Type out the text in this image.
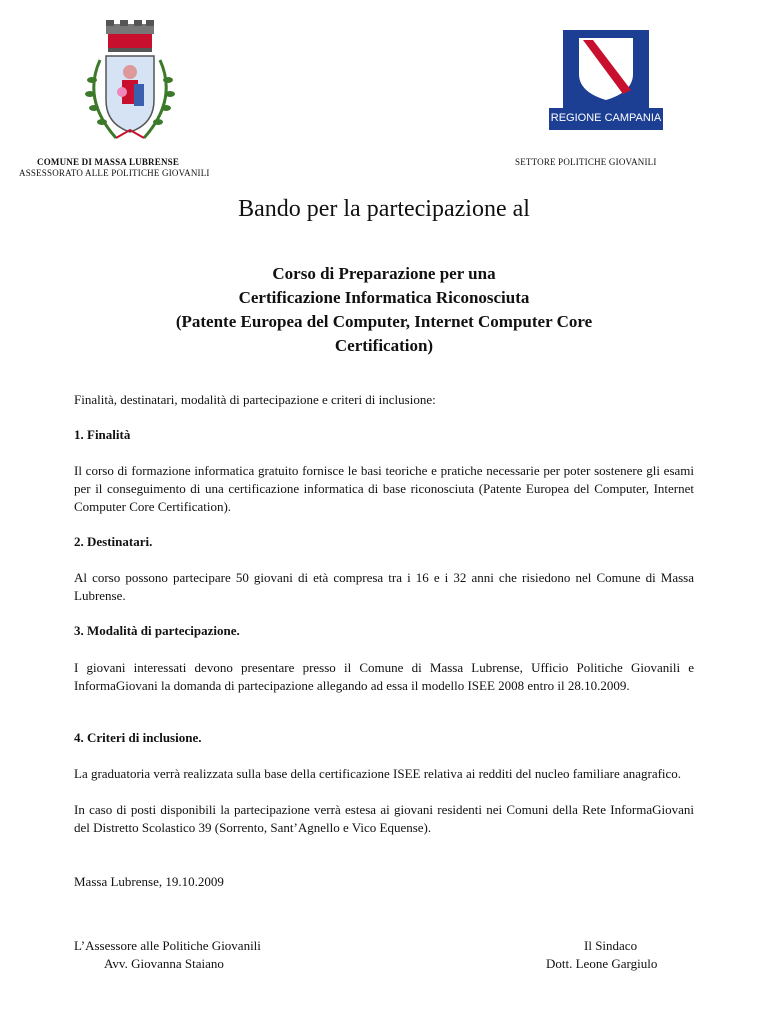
COMUNE DI MASSA LUBRENSE
ASSESSORATO ALLE POLITICHE GIOVANILI
REGIONE CAMPANIA
SETTORE POLITICHE GIOVANILI
Bando per la partecipazione al
Corso di Preparazione per una
Certificazione Informatica Riconosciuta
(Patente Europea del Computer, Internet Computer Core
Certification)
Finalità, destinatari, modalità di partecipazione e criteri di inclusione:
1. Finalità
Il corso di formazione informatica gratuito fornisce le basi teoriche e pratiche necessarie per poter sostenere gli esami per il conseguimento di una certificazione informatica di base riconosciuta (Patente Europea del Computer, Internet Computer Core Certification).
2. Destinatari.
Al corso possono partecipare 50 giovani di età compresa tra i 16 e i 32 anni che risiedono nel Comune di Massa Lubrense.
3. Modalità di partecipazione.
I giovani interessati devono presentare presso il Comune di Massa Lubrense, Ufficio Politiche Giovanili e InformaGiovani la domanda di partecipazione allegando ad essa il modello ISEE 2008 entro il 28.10.2009.
4. Criteri di inclusione.
La graduatoria verrà realizzata sulla base della certificazione ISEE relativa ai redditi del nucleo familiare anagrafico.
In caso di posti disponibili la partecipazione verrà estesa ai giovani residenti nei Comuni della Rete InformaGiovani del Distretto Scolastico 39 (Sorrento, Sant’Agnello e Vico Equense).
Massa Lubrense, 19.10.2009
L’Assessore alle Politiche Giovanili
Avv. Giovanna Staiano
Il Sindaco
Dott. Leone Gargiulo
